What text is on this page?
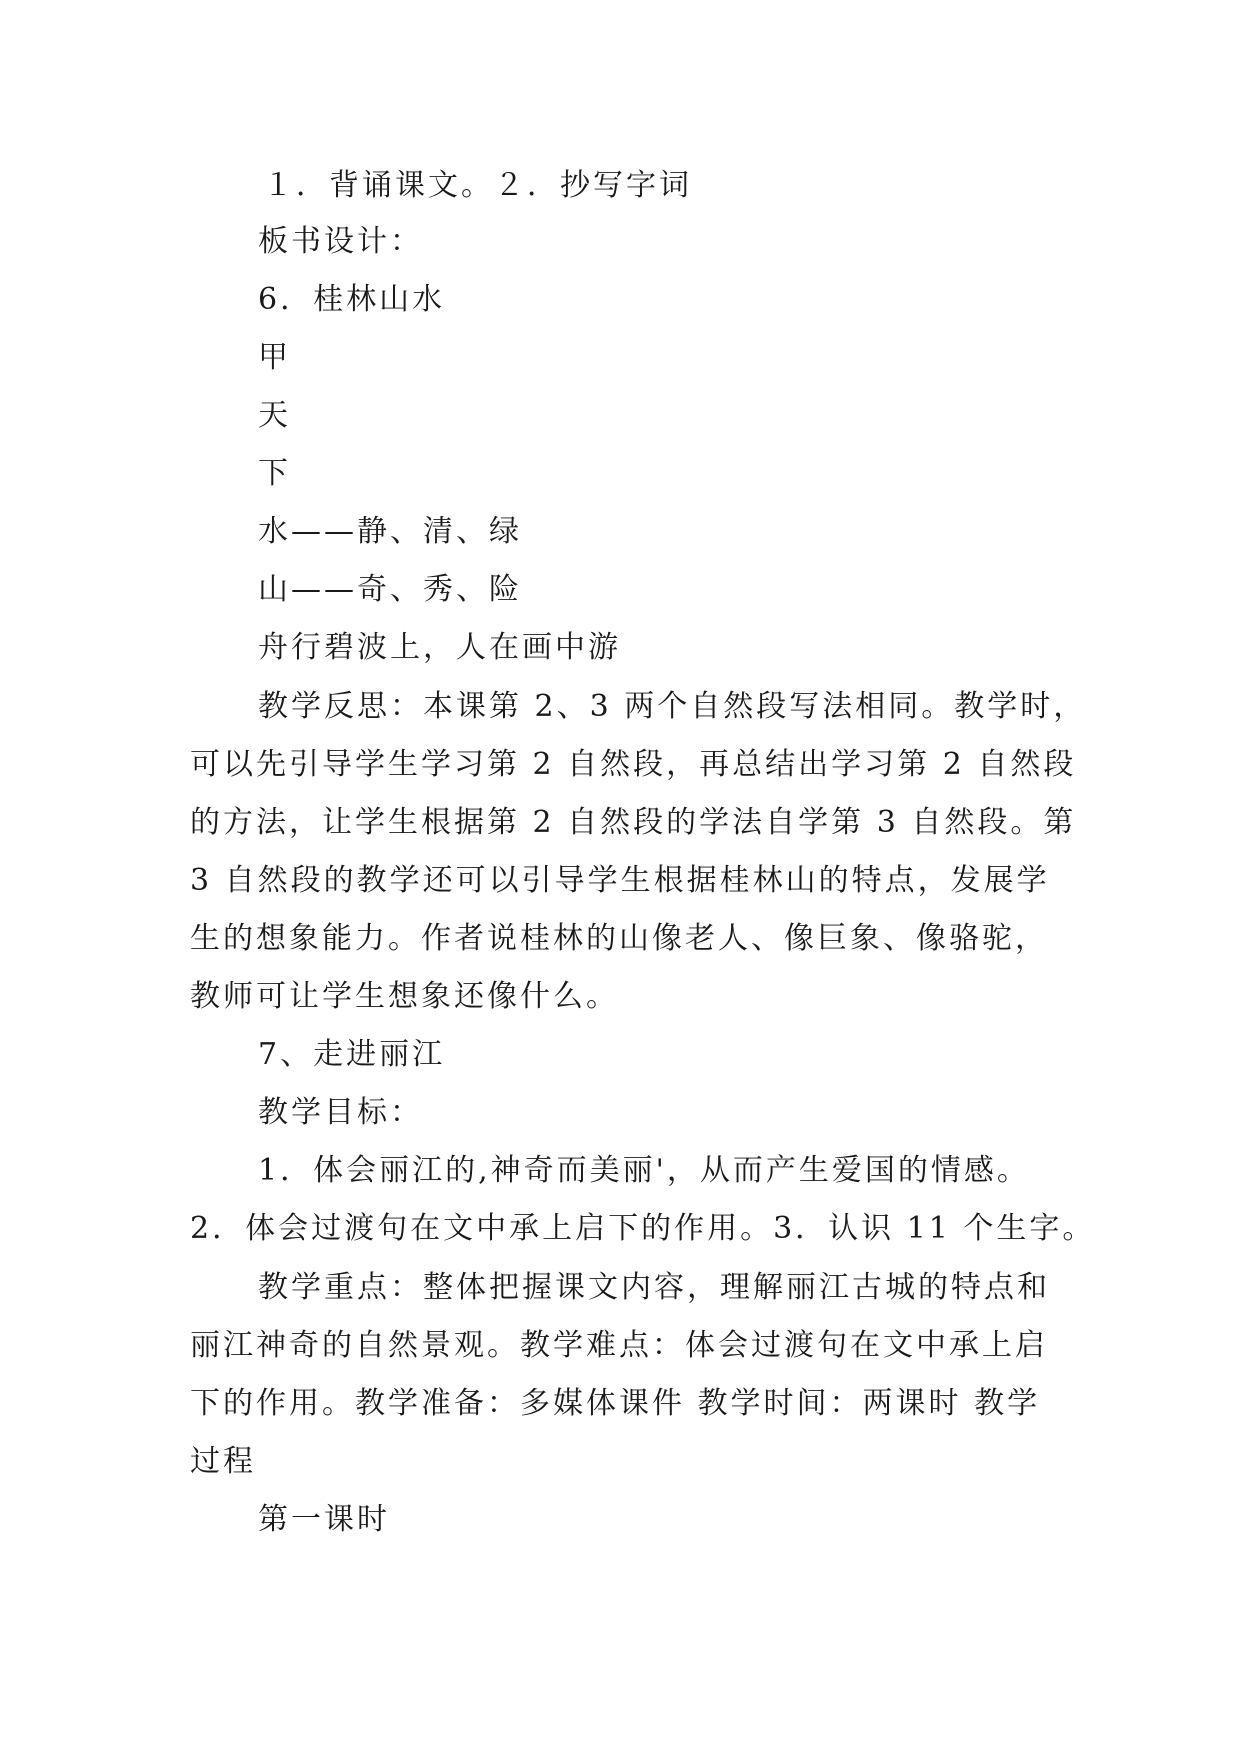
１．背诵课文。２．抄写字词
板书设计：
6．桂林山水
甲
天
下
水——静、清、绿
山——奇、秀、险
舟行碧波上，人在画中游
教学反思：本课第 2、3 两个自然段写法相同。教学时，
可以先引导学生学习第 2 自然段，再总结出学习第 2 自然段
的方法，让学生根据第 2 自然段的学法自学第 3 自然段。第
3 自然段的教学还可以引导学生根据桂林山的特点，发展学
生的想象能力。作者说桂林的山像老人、像巨象、像骆驼，
教师可让学生想象还像什么。
7、走进丽江
教学目标：
1．体会丽江的,神奇而美丽'，从而产生爱国的情感。
2．体会过渡句在文中承上启下的作用。3．认识 11 个生字。
教学重点：整体把握课文内容，理解丽江古城的特点和
丽江神奇的自然景观。教学难点：体会过渡句在文中承上启
下的作用。教学准备：多媒体课件 教学时间：两课时 教学
过程
第一课时
